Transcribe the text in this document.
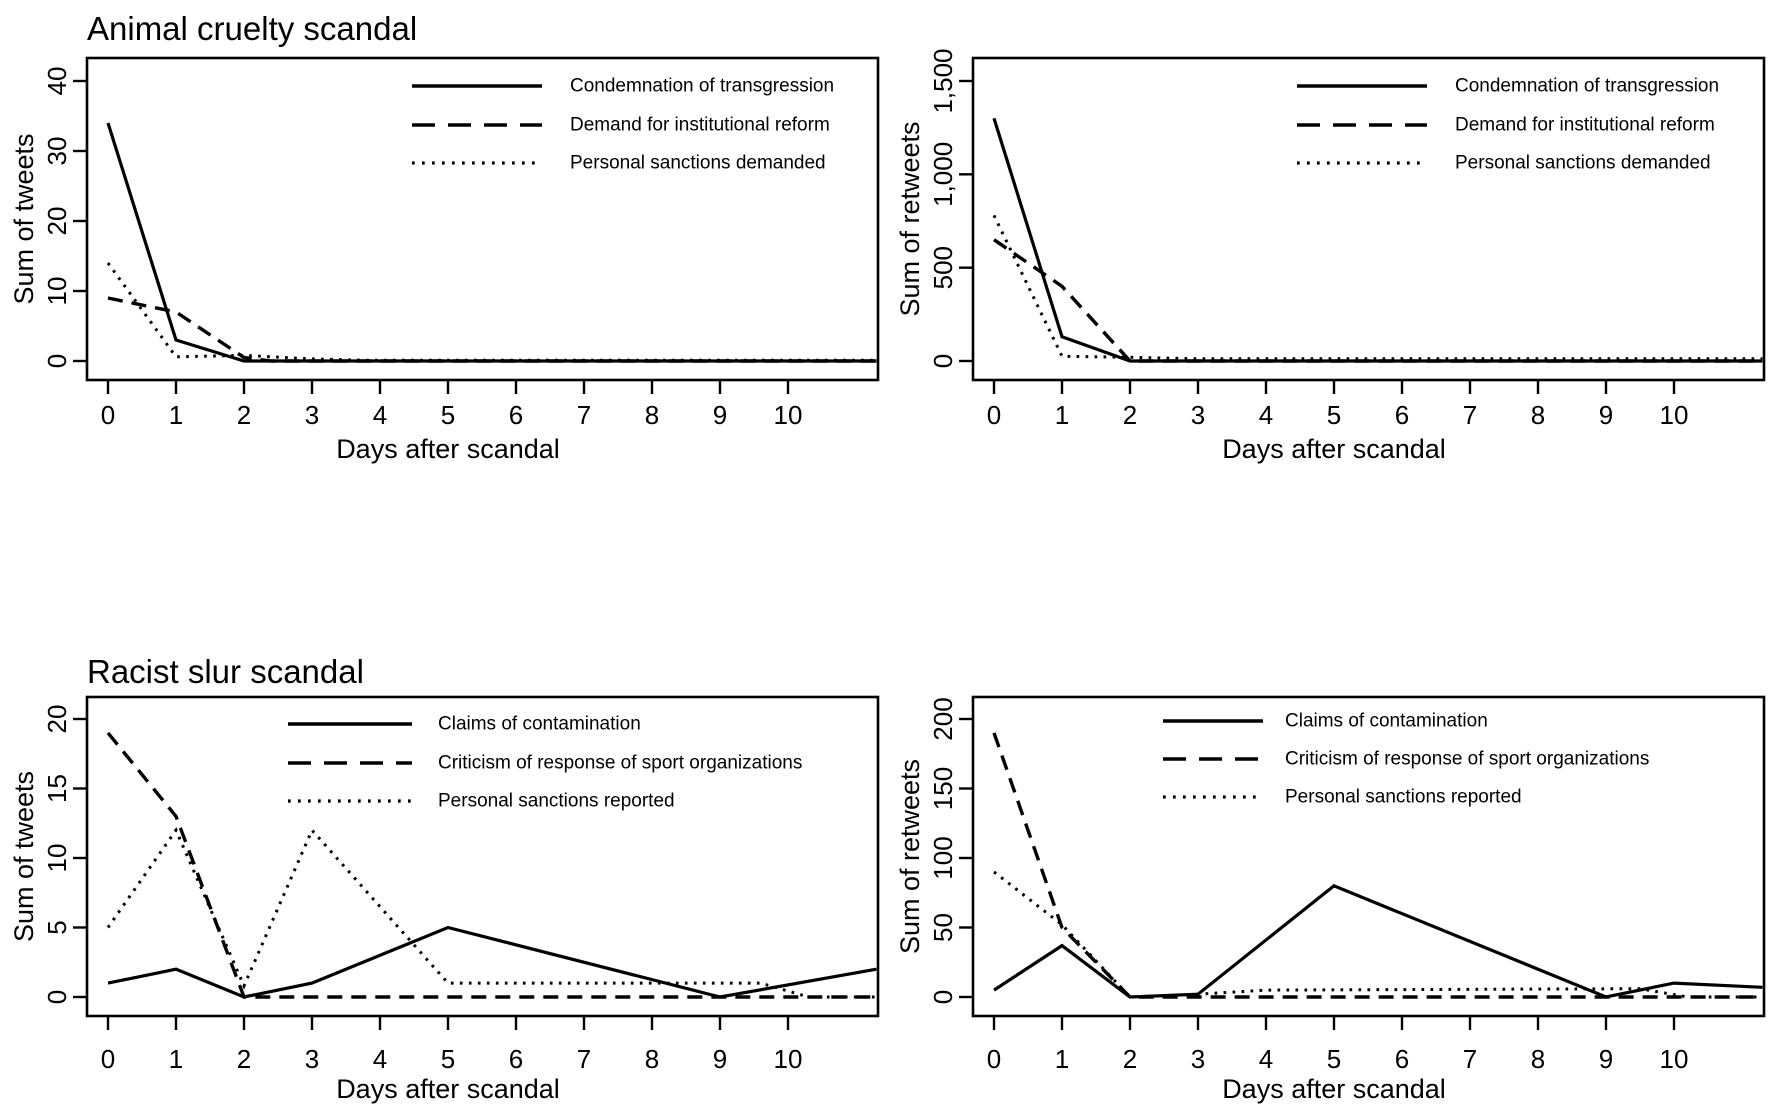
Animal cruelty scandal
0
10
20
30
40
Sum of tweets
0 1 2 3 4 5 6 7 8 9 10
Days after scandal
Condemnation of transgression
Demand for institutional reform
Personal sanctions demanded
0
500
1,000
1,500
Sum of retweets
0 1 2 3 4 5 6 7 8 9 10
Days after scandal
Condemnation of transgression
Demand for institutional reform
Personal sanctions demanded
Racist slur scandal
0
5
10
15
20
Sum of tweets
0 1 2 3 4 5 6 7 8 9 10
Days after scandal
Claims of contamination
Criticism of response of sport organizations
Personal sanctions reported
0
50
100
150
200
Sum of retweets
0 1 2 3 4 5 6 7 8 9 10
Days after scandal
Claims of contamination
Criticism of response of sport organizations
Personal sanctions reported
